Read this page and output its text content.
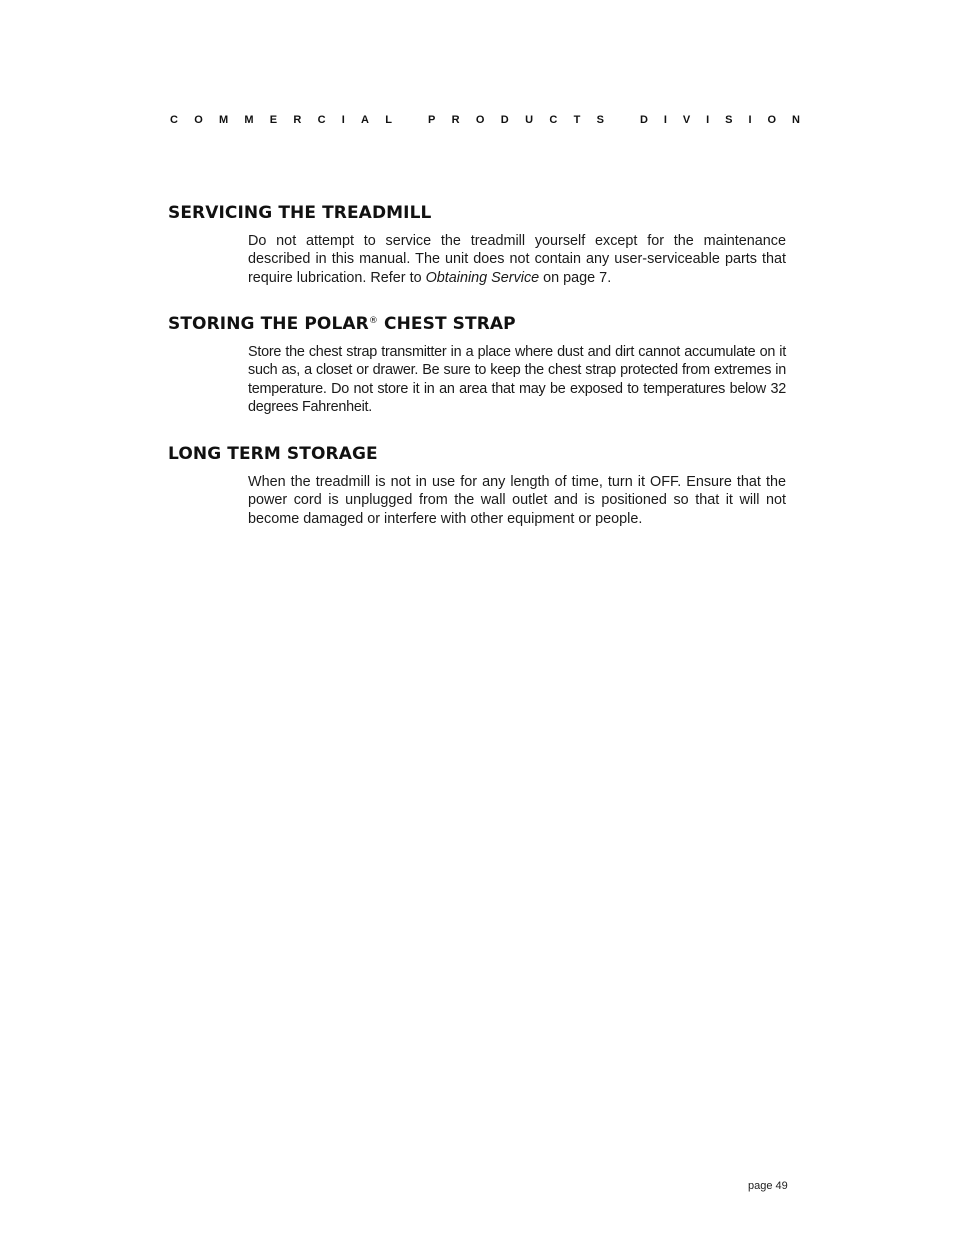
C O M M E R C I A L	P R O D U C T S	D I V I S I O N
SERVICING THE TREADMILL

Do not attempt to service the treadmill yourself except for the maintenance described in this manual. The unit does not contain any user-serviceable parts that require lubrication. Refer to Obtaining Service on page 7.

STORING THE POLAR® CHEST STRAP

Store the chest strap transmitter in a place where dust and dirt cannot accumulate on it such as, a closet or drawer. Be sure to keep the chest strap protected from extremes in temperature. Do not store it in an area that may be exposed to temperatures below 32 degrees Fahrenheit.

LONG TERM STORAGE

When the treadmill is not in use for any length of time, turn it OFF. Ensure that the power cord is unplugged from the wall outlet and is positioned so that it will not become damaged or interfere with other equipment or people.

page 49
